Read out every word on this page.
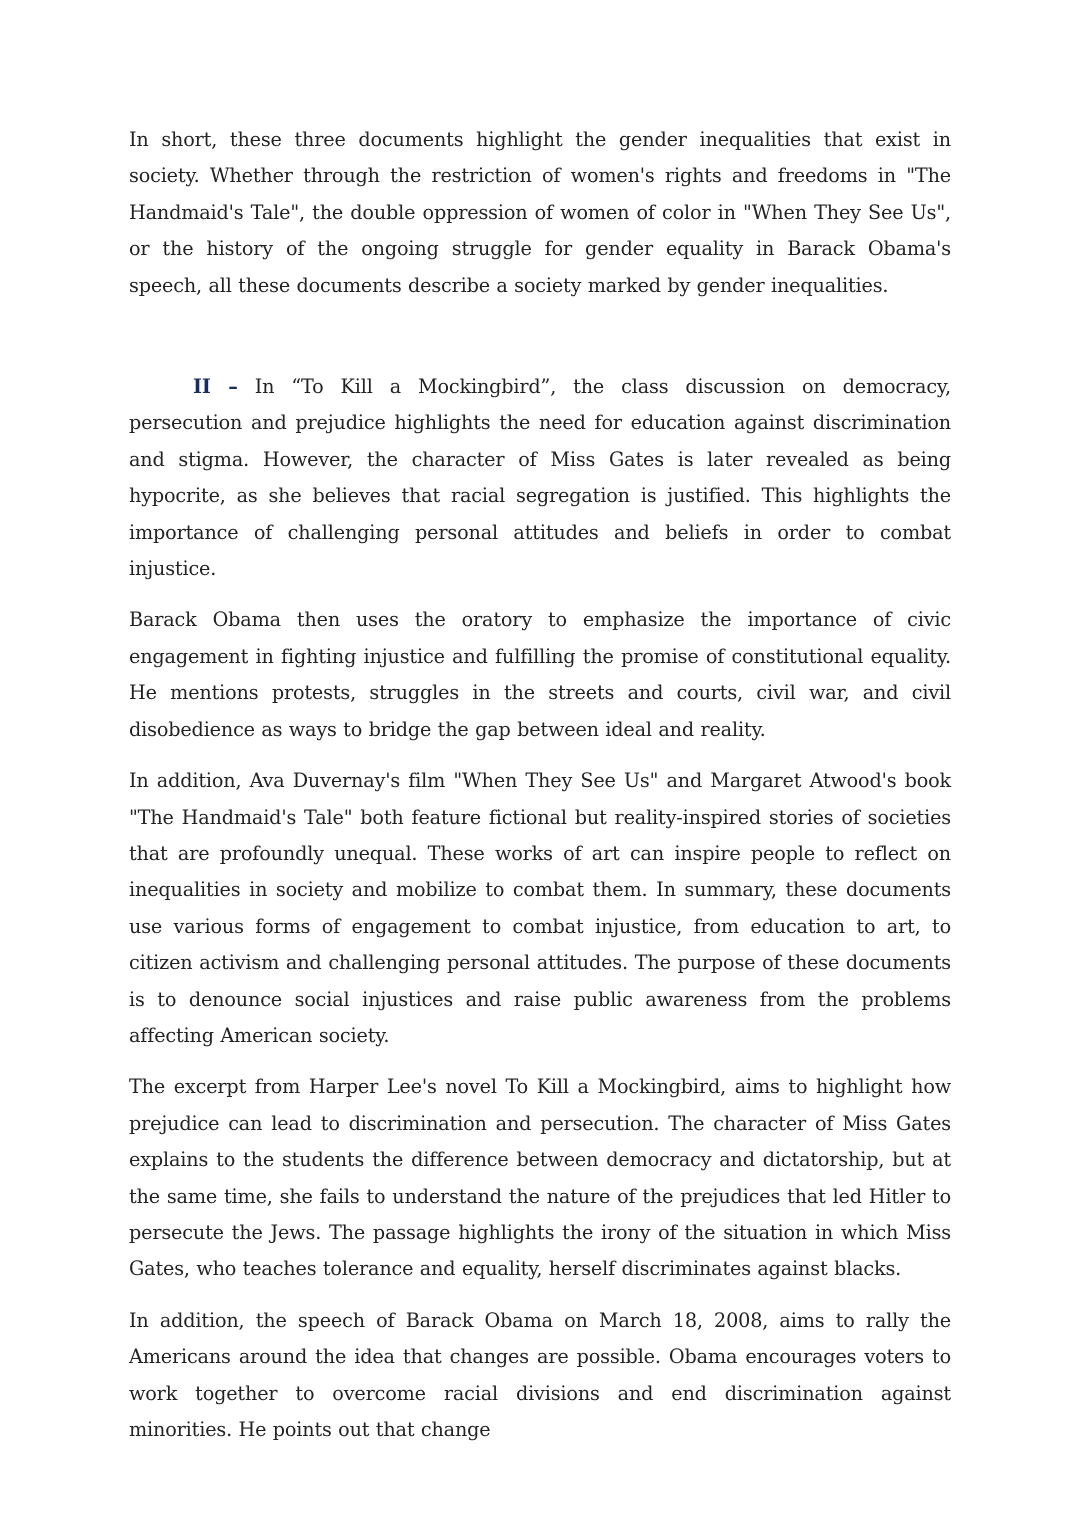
In short, these three documents highlight the gender inequalities that exist in society. Whether through the restriction of women's rights and freedoms in "The Handmaid's Tale", the double oppression of women of color in "When They See Us", or the history of the ongoing struggle for gender equality in Barack Obama's speech, all these documents describe a society marked by gender inequalities.

II – In “To Kill a Mockingbird”, the class discussion on democracy, persecution and prejudice highlights the need for education against discrimination and stigma. However, the character of Miss Gates is later revealed as being hypocrite, as she believes that racial segregation is justified. This highlights the importance of challenging personal attitudes and beliefs in order to combat injustice.

Barack Obama then uses the oratory to emphasize the importance of civic engagement in fighting injustice and fulfilling the promise of constitutional equality. He mentions protests, struggles in the streets and courts, civil war, and civil disobedience as ways to bridge the gap between ideal and reality.

In addition, Ava Duvernay's film "When They See Us" and Margaret Atwood's book "The Handmaid's Tale" both feature fictional but reality-inspired stories of societies that are profoundly unequal. These works of art can inspire people to reflect on inequalities in society and mobilize to combat them. In summary, these documents use various forms of engagement to combat injustice, from education to art, to citizen activism and challenging personal attitudes. The purpose of these documents is to denounce social injustices and raise public awareness from the problems affecting American society.

The excerpt from Harper Lee's novel To Kill a Mockingbird, aims to highlight how prejudice can lead to discrimination and persecution. The character of Miss Gates explains to the students the difference between democracy and dictatorship, but at the same time, she fails to understand the nature of the prejudices that led Hitler to persecute the Jews. The passage highlights the irony of the situation in which Miss Gates, who teaches tolerance and equality, herself discriminates against blacks.

In addition, the speech of Barack Obama on March 18, 2008, aims to rally the Americans around the idea that changes are possible. Obama encourages voters to work together to overcome racial divisions and end discrimination against minorities. He points out that change
